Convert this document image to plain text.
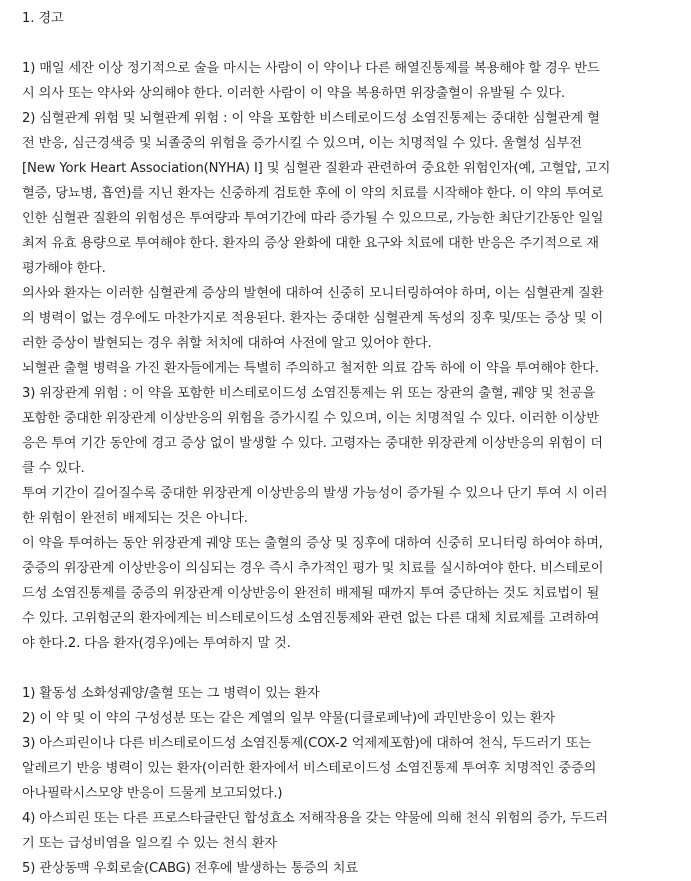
1. 경고
1) 매일 세잔 이상 정기적으로 술을 마시는 사람이 이 약이나 다른 해열진통제를 복용해야 할 경우 반드
시 의사 또는 약사와 상의해야 한다. 이러한 사람이 이 약을 복용하면 위장출혈이 유발될 수 있다.
2) 심혈관계 위험 및 뇌혈관계 위험 : 이 약을 포함한 비스테로이드성 소염진통제는 중대한 심혈관계 혈
전 반응, 심근경색증 및 뇌졸중의 위험을 증가시킬 수 있으며, 이는 치명적일 수 있다. 울혈성 심부전
[New York Heart Association(NYHA) Ⅰ] 및 심혈관 질환과 관련하여 중요한 위험인자(예, 고혈압, 고지
혈증, 당뇨병, 흡연)를 지닌 환자는 신중하게 검토한 후에 이 약의 치료를 시작해야 한다. 이 약의 투여로
인한 심혈관 질환의 위험성은 투여량과 투여기간에 따라 증가될 수 있으므로, 가능한 최단기간동안 일일
최저 유효 용량으로 투여해야 한다. 환자의 증상 완화에 대한 요구와 치료에 대한 반응은 주기적으로 재
평가해야 한다.
의사와 환자는 이러한 심혈관계 증상의 발현에 대하여 신중히 모니터링하여야 하며, 이는 심혈관계 질환
의 병력이 없는 경우에도 마찬가지로 적용된다. 환자는 중대한 심혈관계 독성의 징후 및/또는 증상 및 이
러한 증상이 발현되는 경우 취할 처치에 대하여 사전에 알고 있어야 한다.
뇌혈관 출혈 병력을 가진 환자들에게는 특별히 주의하고 철저한 의료 감독 하에 이 약을 투여해야 한다.
3) 위장관계 위험 : 이 약을 포함한 비스테로이드성 소염진통제는 위 또는 장관의 출혈, 궤양 및 천공을
포함한 중대한 위장관계 이상반응의 위험을 증가시킬 수 있으며, 이는 치명적일 수 있다. 이러한 이상반
응은 투여 기간 동안에 경고 증상 없이 발생할 수 있다. 고령자는 중대한 위장관계 이상반응의 위험이 더
클 수 있다.
투여 기간이 길어질수록 중대한 위장관계 이상반응의 발생 가능성이 증가될 수 있으나 단기 투여 시 이러
한 위험이 완전히 배제되는 것은 아니다.
이 약을 투여하는 동안 위장관계 궤양 또는 출혈의 증상 및 징후에 대하여 신중히 모니터링 하여야 하며,
중증의 위장관계 이상반응이 의심되는 경우 즉시 추가적인 평가 및 치료를 실시하여야 한다. 비스테로이
드성 소염진통제를 중증의 위장관계 이상반응이 완전히 배제될 때까지 투여 중단하는 것도 치료법이 될
수 있다. 고위험군의 환자에게는 비스테로이드성 소염진통제와 관련 없는 다른 대체 치료제를 고려하여
야 한다.2. 다음 환자(경우)에는 투여하지 말 것.
1) 활동성 소화성궤양/출혈 또는 그 병력이 있는 환자
2) 이 약 및 이 약의 구성성분 또는 같은 계열의 일부 약물(디클로페낙)에 과민반응이 있는 환자
3) 아스피린이나 다른 비스테로이드성 소염진통제(COX-2 억제제포함)에 대하여 천식, 두드러기 또는
알레르기 반응 병력이 있는 환자(이러한 환자에서 비스테로이드성 소염진통제 투여후 치명적인 중증의
아나필락시스모양 반응이 드물게 보고되었다.)
4) 아스피린 또는 다른 프로스타글란딘 합성효소 저해작용을 갖는 약물에 의해 천식 위험의 증가, 두드러
기 또는 급성비염을 일으킬 수 있는 천식 환자
5) 관상동맥 우회로술(CABG) 전후에 발생하는 통증의 치료
